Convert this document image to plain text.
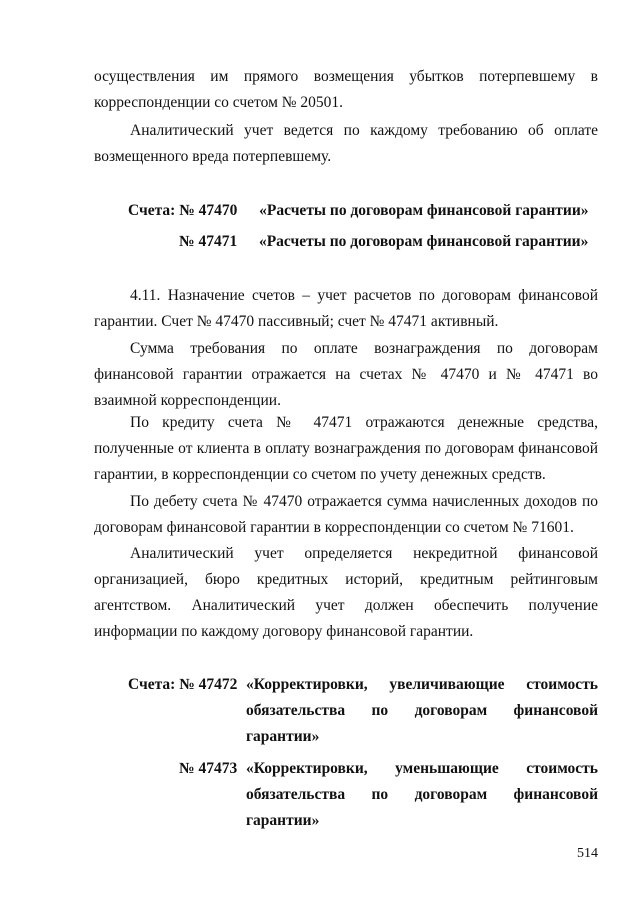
осуществления им прямого возмещения убытков потерпевшему в корреспонденции со счетом № 20501.

Аналитический учет ведется по каждому требованию об оплате возмещенного вреда потерпевшему.

Счета: № 47470 «Расчеты по договорам финансовой гарантии»
№ 47471 «Расчеты по договорам финансовой гарантии»

4.11. Назначение счетов – учет расчетов по договорам финансовой гарантии. Счет № 47470 пассивный; счет № 47471 активный.

Сумма требования по оплате вознаграждения по договорам финансовой гарантии отражается на счетах № 47470 и № 47471 во взаимной корреспонденции.

По кредиту счета № 47471 отражаются денежные средства, полученные от клиента в оплату вознаграждения по договорам финансовой гарантии, в корреспонденции со счетом по учету денежных средств.

По дебету счета № 47470 отражается сумма начисленных доходов по договорам финансовой гарантии в корреспонденции со счетом № 71601.

Аналитический учет определяется некредитной финансовой организацией, бюро кредитных историй, кредитным рейтинговым агентством. Аналитический учет должен обеспечить получение информации по каждому договору финансовой гарантии.

Счета: № 47472 «Корректировки, увеличивающие стоимость обязательства по договорам финансовой гарантии»

№ 47473 «Корректировки, уменьшающие стоимость обязательства по договорам финансовой гарантии»

514
